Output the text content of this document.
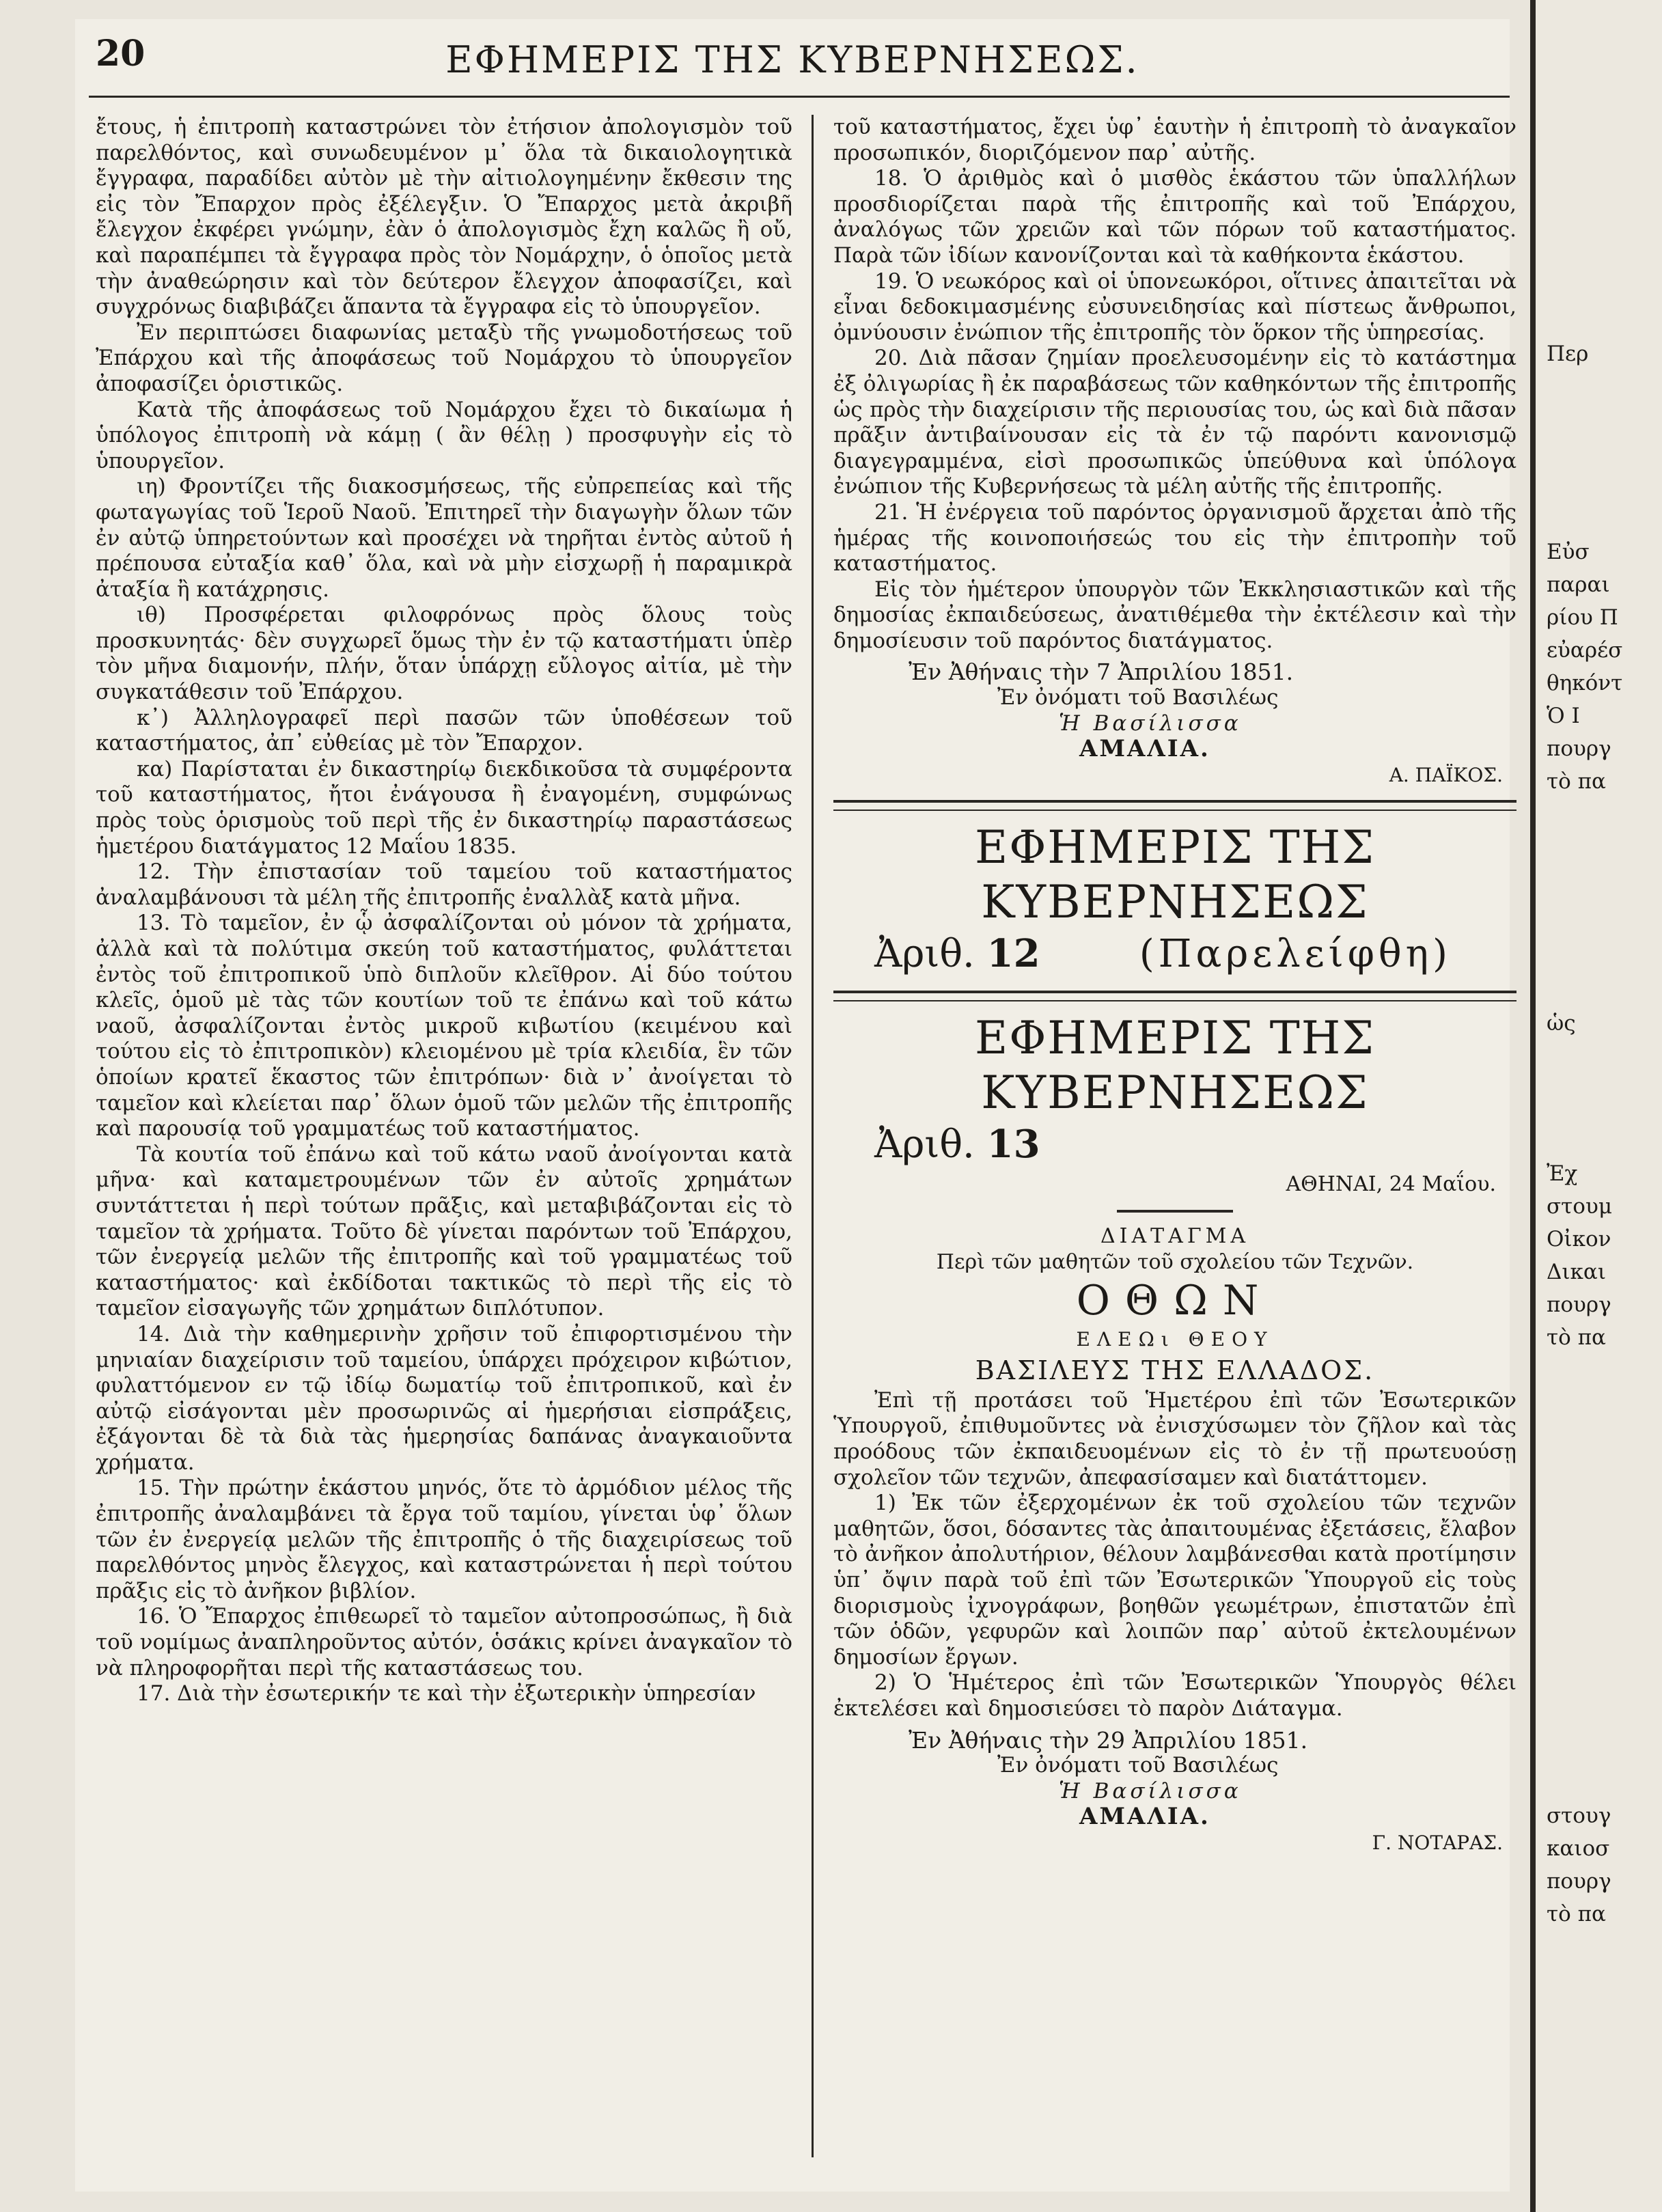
20	ΕΦΗΜΕΡΙΣ ΤΗΣ ΚΥΒΕΡΝΗΣΕΩΣ.

ἔτους, ἡ ἐπιτροπὴ καταστρώνει τὸν ἐτήσιον ἀπολογισμὸν τοῦ παρελθόντος, καὶ συνωδευμένον μ᾿ ὅλα τὰ δικαιολογητικὰ ἔγγραφα, παραδίδει αὐτὸν μὲ τὴν αἰτιολογημένην ἔκθεσιν της εἰς τὸν Ἔπαρχον πρὸς ἐξέλεγξιν. Ὁ Ἔπαρχος μετὰ ἀκριβῆ ἔλεγχον ἐκφέρει γνώμην, ἐὰν ὁ ἀπολογισμὸς ἔχη καλῶς ἢ οὔ, καὶ παραπέμπει τὰ ἔγγραφα πρὸς τὸν Νομάρχην, ὁ ὁποῖος μετὰ τὴν ἀναθεώρησιν καὶ τὸν δεύτερον ἔλεγχον ἀποφασίζει, καὶ συγχρόνως διαβιβάζει ἅπαντα τὰ ἔγγραφα εἰς τὸ ὑπουργεῖον.

Ἐν περιπτώσει διαφωνίας μεταξὺ τῆς γνωμοδοτήσεως τοῦ Ἐπάρχου καὶ τῆς ἀποφάσεως τοῦ Νομάρχου τὸ ὑπουργεῖον ἀποφασίζει ὁριστικῶς.

Κατὰ τῆς ἀποφάσεως τοῦ Νομάρχου ἔχει τὸ δικαίωμα ἡ ὑπόλογος ἐπιτροπὴ νὰ κάμῃ ( ἂν θέλῃ ) προσφυγὴν εἰς τὸ ὑπουργεῖον.

ιη) Φροντίζει τῆς διακοσμήσεως, τῆς εὐπρεπείας καὶ τῆς φωταγωγίας τοῦ Ἱεροῦ Ναοῦ. Ἐπιτηρεῖ τὴν διαγωγὴν ὅλων τῶν ἐν αὐτῷ ὑπηρετούντων καὶ προσέχει νὰ τηρῆται ἐντὸς αὐτοῦ ἡ πρέπουσα εὐταξία καθ᾿ ὅλα, καὶ νὰ μὴν εἰσχωρῇ ἡ παραμικρὰ ἀταξία ἢ κατάχρησις.

ιθ) Προσφέρεται φιλοφρόνως πρὸς ὅλους τοὺς προσκυνητάς· δὲν συγχωρεῖ ὅμως τὴν ἐν τῷ καταστήματι ὑπὲρ τὸν μῆνα διαμονήν, πλήν, ὅταν ὑπάρχῃ εὔλογος αἰτία, μὲ τὴν συγκατάθεσιν τοῦ Ἐπάρχου.

κ᾿) Ἀλληλογραφεῖ περὶ πασῶν τῶν ὑποθέσεων τοῦ καταστήματος, ἀπ᾿ εὐθείας μὲ τὸν Ἔπαρχον.

κα) Παρίσταται ἐν δικαστηρίῳ διεκδικοῦσα τὰ συμφέροντα τοῦ καταστήματος, ἤτοι ἐνάγουσα ἢ ἐναγομένη, συμφώνως πρὸς τοὺς ὁρισμοὺς τοῦ περὶ τῆς ἐν δικαστηρίῳ παραστάσεως ἡμετέρου διατάγματος 12 Μαΐου 1835.

12. Τὴν ἐπιστασίαν τοῦ ταμείου τοῦ καταστήματος ἀναλαμβάνουσι τὰ μέλη τῆς ἐπιτροπῆς ἐναλλὰξ κατὰ μῆνα.

13. Τὸ ταμεῖον, ἐν ᾧ ἀσφαλίζονται οὐ μόνον τὰ χρήματα, ἀλλὰ καὶ τὰ πολύτιμα σκεύη τοῦ καταστήματος, φυλάττεται ἐντὸς τοῦ ἐπιτροπικοῦ ὑπὸ διπλοῦν κλεῖθρον. Αἱ δύο τούτου κλεῖς, ὁμοῦ μὲ τὰς τῶν κουτίων τοῦ τε ἐπάνω καὶ τοῦ κάτω ναοῦ, ἀσφαλίζονται ἐντὸς μικροῦ κιβωτίου (κειμένου καὶ τούτου εἰς τὸ ἐπιτροπικὸν) κλειομένου μὲ τρία κλειδία, ἓν τῶν ὁποίων κρατεῖ ἕκαστος τῶν ἐπιτρόπων· διὰ ν᾿ ἀνοίγεται τὸ ταμεῖον καὶ κλείεται παρ᾿ ὅλων ὁμοῦ τῶν μελῶν τῆς ἐπιτροπῆς καὶ παρουσίᾳ τοῦ γραμματέως τοῦ καταστήματος.

Τὰ κουτία τοῦ ἐπάνω καὶ τοῦ κάτω ναοῦ ἀνοίγονται κατὰ μῆνα· καὶ καταμετρουμένων τῶν ἐν αὐτοῖς χρημάτων συντάττεται ἡ περὶ τούτων πρᾶξις, καὶ μεταβιβάζονται εἰς τὸ ταμεῖον τὰ χρήματα. Τοῦτο δὲ γίνεται παρόντων τοῦ Ἐπάρχου, τῶν ἐνεργείᾳ μελῶν τῆς ἐπιτροπῆς καὶ τοῦ γραμματέως τοῦ καταστήματος· καὶ ἐκδίδοται τακτικῶς τὸ περὶ τῆς εἰς τὸ ταμεῖον εἰσαγωγῆς τῶν χρημάτων διπλότυπον.

14. Διὰ τὴν καθημερινὴν χρῆσιν τοῦ ἐπιφορτισμένου τὴν μηνιαίαν διαχείρισιν τοῦ ταμείου, ὑπάρχει πρόχειρον κιβώτιον, φυλαττόμενον εν τῷ ἰδίῳ δωματίῳ τοῦ ἐπιτροπικοῦ, καὶ ἐν αὐτῷ εἰσάγονται μὲν προσωρινῶς αἱ ἡμερήσιαι εἰσπράξεις, ἐξάγονται δὲ τὰ διὰ τὰς ἡμερησίας δαπάνας ἀναγκαιοῦντα χρήματα.

15. Τὴν πρώτην ἑκάστου μηνός, ὅτε τὸ ἁρμόδιον μέλος τῆς ἐπιτροπῆς ἀναλαμβάνει τὰ ἔργα τοῦ ταμίου, γίνεται ὑφ᾿ ὅλων τῶν ἐν ἐνεργείᾳ μελῶν τῆς ἐπιτροπῆς ὁ τῆς διαχειρίσεως τοῦ παρελθόντος μηνὸς ἔλεγχος, καὶ καταστρώνεται ἡ περὶ τούτου πρᾶξις εἰς τὸ ἀνῆκον βιβλίον.

16. Ὁ Ἔπαρχος ἐπιθεωρεῖ τὸ ταμεῖον αὐτοπροσώπως, ἢ διὰ τοῦ νομίμως ἀναπληροῦντος αὐτόν, ὁσάκις κρίνει ἀναγκαῖον τὸ νὰ πληροφορῆται περὶ τῆς καταστάσεως του.

17. Διὰ τὴν ἐσωτερικήν τε καὶ τὴν ἐξωτερικὴν ὑπηρεσίαν

τοῦ καταστήματος, ἔχει ὑφ᾿ ἑαυτὴν ἡ ἐπιτροπὴ τὸ ἀναγκαῖον προσωπικόν, διοριζόμενον παρ᾿ αὐτῆς.

18. Ὁ ἀριθμὸς καὶ ὁ μισθὸς ἑκάστου τῶν ὑπαλλήλων προσδιορίζεται παρὰ τῆς ἐπιτροπῆς καὶ τοῦ Ἐπάρχου, ἀναλόγως τῶν χρειῶν καὶ τῶν πόρων τοῦ καταστήματος. Παρὰ τῶν ἰδίων κανονίζονται καὶ τὰ καθήκοντα ἑκάστου.

19. Ὁ νεωκόρος καὶ οἱ ὑπονεωκόροι, οἵτινες ἀπαιτεῖται νὰ εἶναι δεδοκιμασμένης εὐσυνειδησίας καὶ πίστεως ἄνθρωποι, ὀμνύουσιν ἐνώπιον τῆς ἐπιτροπῆς τὸν ὅρκον τῆς ὑπηρεσίας.

20. Διὰ πᾶσαν ζημίαν προελευσομένην εἰς τὸ κατάστημα ἐξ ὀλιγωρίας ἢ ἐκ παραβάσεως τῶν καθηκόντων τῆς ἐπιτροπῆς ὡς πρὸς τὴν διαχείρισιν τῆς περιουσίας του, ὡς καὶ διὰ πᾶσαν πρᾶξιν ἀντιβαίνουσαν εἰς τὰ ἐν τῷ παρόντι κανονισμῷ διαγεγραμμένα, εἰσὶ προσωπικῶς ὑπεύθυνα καὶ ὑπόλογα ἐνώπιον τῆς Κυβερνήσεως τὰ μέλη αὐτῆς τῆς ἐπιτροπῆς.

21. Ἡ ἐνέργεια τοῦ παρόντος ὀργανισμοῦ ἄρχεται ἀπὸ τῆς ἡμέρας τῆς κοινοποιήσεώς του εἰς τὴν ἐπιτροπὴν τοῦ καταστήματος.

Εἰς τὸν ἡμέτερον ὑπουργὸν τῶν Ἐκκλησιαστικῶν καὶ τῆς δημοσίας ἐκπαιδεύσεως, ἀνατιθέμεθα τὴν ἐκτέλεσιν καὶ τὴν δημοσίευσιν τοῦ παρόντος διατάγματος.

Ἐν Ἀθήναις τὴν 7 Ἀπριλίου 1851.
Ἐν ὀνόματι τοῦ Βασιλέως
Ἡ Βασίλισσα
ΑΜΑΛΙΑ.
Α. ΠΑΪΚΟΣ.
ΕΦΗΜΕΡΙΣ ΤΗΣ ΚΥΒΕΡΝΗΣΕΩΣ
Ἀριθ. 12	(Παρελείφθη)
ΕΦΗΜΕΡΙΣ ΤΗΣ ΚΥΒΕΡΝΗΣΕΩΣ
Ἀριθ. 13
ΑΘΗΝΑΙ, 24 Μαΐου.
ΔΙΑΤΑΓΜΑ
Περὶ τῶν μαθητῶν τοῦ σχολείου τῶν Τεχνῶν.
ΟΘΩΝ
ΕΛΕΩι ΘΕΟΥ
ΒΑΣΙΛΕΥΣ ΤΗΣ ΕΛΛΑΔΟΣ.

Ἐπὶ τῇ προτάσει τοῦ Ἡμετέρου ἐπὶ τῶν Ἐσωτερικῶν Ὑπουργοῦ, ἐπιθυμοῦντες νὰ ἐνισχύσωμεν τὸν ζῆλον καὶ τὰς προόδους τῶν ἐκπαιδευομένων εἰς τὸ ἐν τῇ πρωτευούσῃ σχολεῖον τῶν τεχνῶν, ἀπεφασίσαμεν καὶ διατάττομεν.

1) Ἐκ τῶν ἐξερχομένων ἐκ τοῦ σχολείου τῶν τεχνῶν μαθητῶν, ὅσοι, δόσαντες τὰς ἀπαιτουμένας ἐξετάσεις, ἔλαβον τὸ ἀνῆκον ἀπολυτήριον, θέλουν λαμβάνεσθαι κατὰ προτίμησιν ὑπ᾿ ὄψιν παρὰ τοῦ ἐπὶ τῶν Ἐσωτερικῶν Ὑπουργοῦ εἰς τοὺς διορισμοὺς ἰχνογράφων, βοηθῶν γεωμέτρων, ἐπιστατῶν ἐπὶ τῶν ὁδῶν, γεφυρῶν καὶ λοιπῶν παρ᾿ αὐτοῦ ἐκτελουμένων δημοσίων ἔργων.

2) Ὁ Ἡμέτερος ἐπὶ τῶν Ἐσωτερικῶν Ὑπουργὸς θέλει ἐκτελέσει καὶ δημοσιεύσει τὸ παρὸν Διάταγμα.

Ἐν Ἀθήναις τὴν 29 Ἀπριλίου 1851.
Ἐν ὀνόματι τοῦ Βασιλέως
Ἡ Βασίλισσα
ΑΜΑΛΙΑ.
Γ. ΝΟΤΑΡΑΣ.
Περ
Εὐσ
παραι
ρίου Π
εὐαρέσ
θηκόντ
Ὁ Ι
πουργ
τὸ πα
ὡς
Ἐχ
στουμ
Οἰκον
Δικαι
πουργ
τὸ πα
στουγ
καιοσ
πουργ
τὸ πα
